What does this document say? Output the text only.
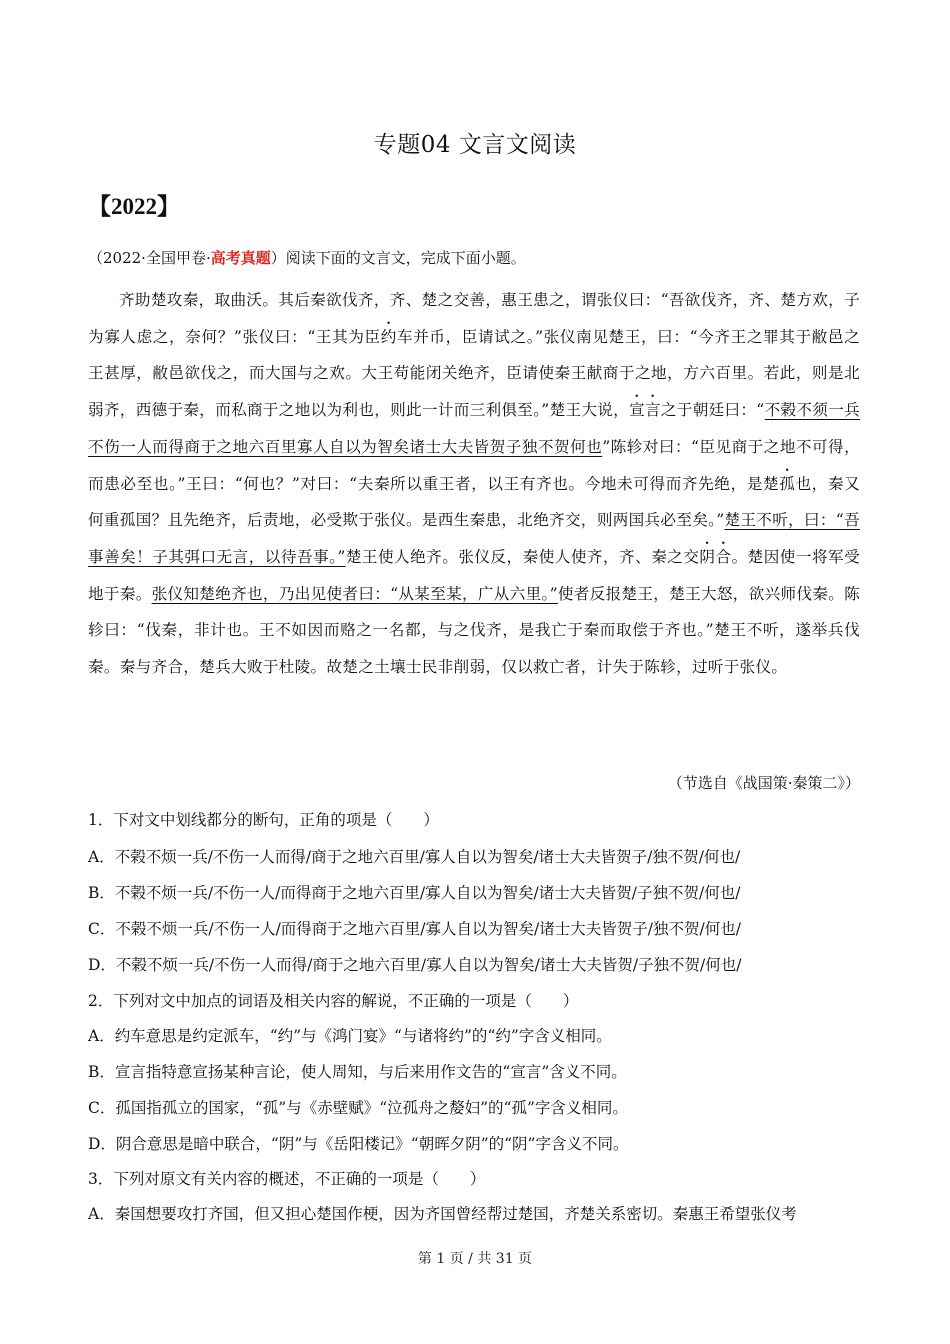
专题04 文言文阅读
【2022】
（2022·全国甲卷·高考真题）阅读下面的文言文，完成下面小题。
齐助楚攻秦，取曲沃。其后秦欲伐齐，齐、楚之交善，惠王患之，谓张仪曰：“吾欲伐齐，齐、楚方欢，子为寡人虑之，奈何？”张仪曰：“王其为臣约车并币，臣请试之。”张仪南见楚王，曰：“今齐王之罪其于敝邑之王甚厚，敝邑欲伐之，而大国与之欢。大王苟能闭关绝齐，臣请使秦王献商于之地，方六百里。若此，则是北弱齐，西德于秦，而私商于之地以为利也，则此一计而三利俱至。”楚王大说，宣言之于朝廷曰：“不榖不须一兵不伤一人而得商于之地六百里寡人自以为智矣诸士大夫皆贺子独不贺何也”陈轸对曰：“臣见商于之地不可得，而患必至也。”王曰：“何也？”对曰：“夫秦所以重王者，以王有齐也。今地未可得而齐先绝，是楚孤也，秦又何重孤国？且先绝齐，后责地，必受欺于张仪。是西生秦患，北绝齐交，则两国兵必至矣。”楚王不听，曰：“吾事善矣！子其弭口无言，以待吾事。”楚王使人绝齐。张仪反，秦使人使齐，齐、秦之交阴合。楚因使一将军受地于秦。张仪知楚绝齐也，乃出见使者曰：“从某至某，广从六里。”使者反报楚王，楚王大怒，欲兴师伐秦。陈轸曰：“伐秦，非计也。王不如因而赂之一名都，与之伐齐，是我亡于秦而取偿于齐也。”楚王不听，遂举兵伐秦。秦与齐合，楚兵大败于杜陵。故楚之土壤士民非削弱，仅以救亡者，计失于陈轸，过听于张仪。
（节选自《战国策·秦策二》）
1．下对文中划线都分的断句，正角的项是（　　）
A．不榖不烦一兵/不伤一人而得/商于之地六百里/寡人自以为智矣/诸士大夫皆贺子/独不贺/何也/
B．不榖不烦一兵/不伤一人/而得商于之地六百里/寡人自以为智矣/诸士大夫皆贺/子独不贺/何也/
C．不榖不烦一兵/不伤一人/而得商于之地六百里/寡人自以为智矣/诸士大夫皆贺子/独不贺/何也/
D．不榖不烦一兵/不伤一人而得/商于之地六百里/寡人自以为智矣/诸士大夫皆贺/子独不贺/何也/
2．下列对文中加点的词语及相关内容的解说，不正确的一项是（　　）
A．约车意思是约定派车，“约”与《鸿门宴》“与诸将约”的“约”字含义相同。
B．宣言指特意宣扬某种言论，使人周知，与后来用作文告的“宣言”含义不同。
C．孤国指孤立的国家，“孤”与《赤壁赋》“泣孤舟之嫠妇”的“孤”字含义相同。
D．阴合意思是暗中联合，“阴”与《岳阳楼记》“朝晖夕阴”的“阴”字含义不同。
3．下列对原文有关内容的概述，不正确的一项是（　　）
A．秦国想要攻打齐国，但又担心楚国作梗，因为齐国曾经帮过楚国，齐楚关系密切。秦惠王希望张仪考
第 1 页 / 共 31 页
